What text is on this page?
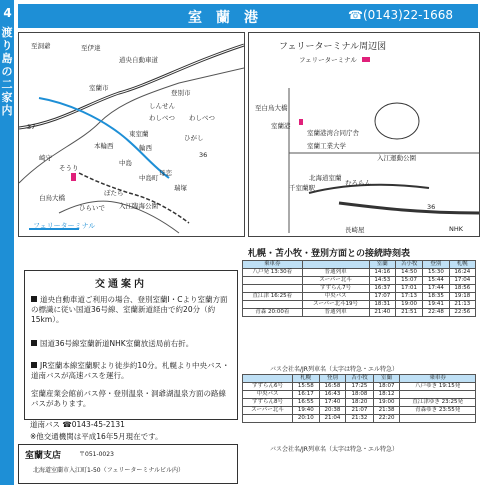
4
渡り島の二家内
室蘭港	☎(0143)22-1668
至洞爺	至伊達
道央自動車道
室蘭市
登別市
わしべつ
東室蘭
輪西
中島
本輪西
ぽたら
入江臨海公園
フェリーターミナル
ひらいで
白鳥大橋
母恋
瑞塚
ひがし
しんせん
中島町
そうり
わしべつ
崎守
37
36
フェリーターミナル周辺図
フェリーターミナル
至白鳥大橋
室蘭港
室蘭港湾合同庁舎
室蘭工業大学
入江運動公園
千室蘭駅
北海道室蘭
むろらん
長崎屋	NHK
36
交通案内
道央自動車道ご利用の場合、登別室蘭I・Cより室蘭方面の標識に従い国道36号線、室蘭新道経由で約20分（約15km）。
国道36号線室蘭新道NHK室蘭放送局前右折。
JR室蘭本線室蘭駅より徒歩約10分。札幌より中央バス・道南バスが高速バスを運行。
室蘭産業会館前バス停・登別温泉・洞爺湖温泉方面の路線バスがあります。
道南バス ☎0143-45-2131
※他交通機関は平成16年5月現在です。
室蘭支店	〒051-0023
北海道室蘭市入江町1-50（フェリーターミナルビル内）
札幌・苫小牧・登別方面との接続時刻表
乗車券		室蘭	苫小牧	登別	札幌
八戸発 13:30着	普通列車	14:16	14:50	15:30	16:24
	スーパー北斗	14:53	15:07	15:44	17:04
	すずらん7号	16:37	17:01	17:44	18:56
直江津 16:25着	中央バス	17:07	17:13	18:35	19:18
	スーパー北斗19号	18:31	19:00	19:41	21:13
青森 20:00着	普通列車	21:40	21:51	22:48	22:56
バス会社名/JR列車名（太字は特急・エル特急）
	札幌	登別	苫小牧	室蘭	乗車券
すずらん6号	15:58	16:58	17:25	18:07	八戸ゆき 19:15発
中央バス	16:17	16:43	18:08	18:12	
すずらん8号	16:55	17:40	18:20	19:00	直江津ゆき 23:25発
スーパー北斗	19:40	20:38	21:07	21:38	青森ゆき 23:55発
	20:10	21:04	21:32	22:20	
バス会社名/JR列車名（太字は特急・エル特急）
